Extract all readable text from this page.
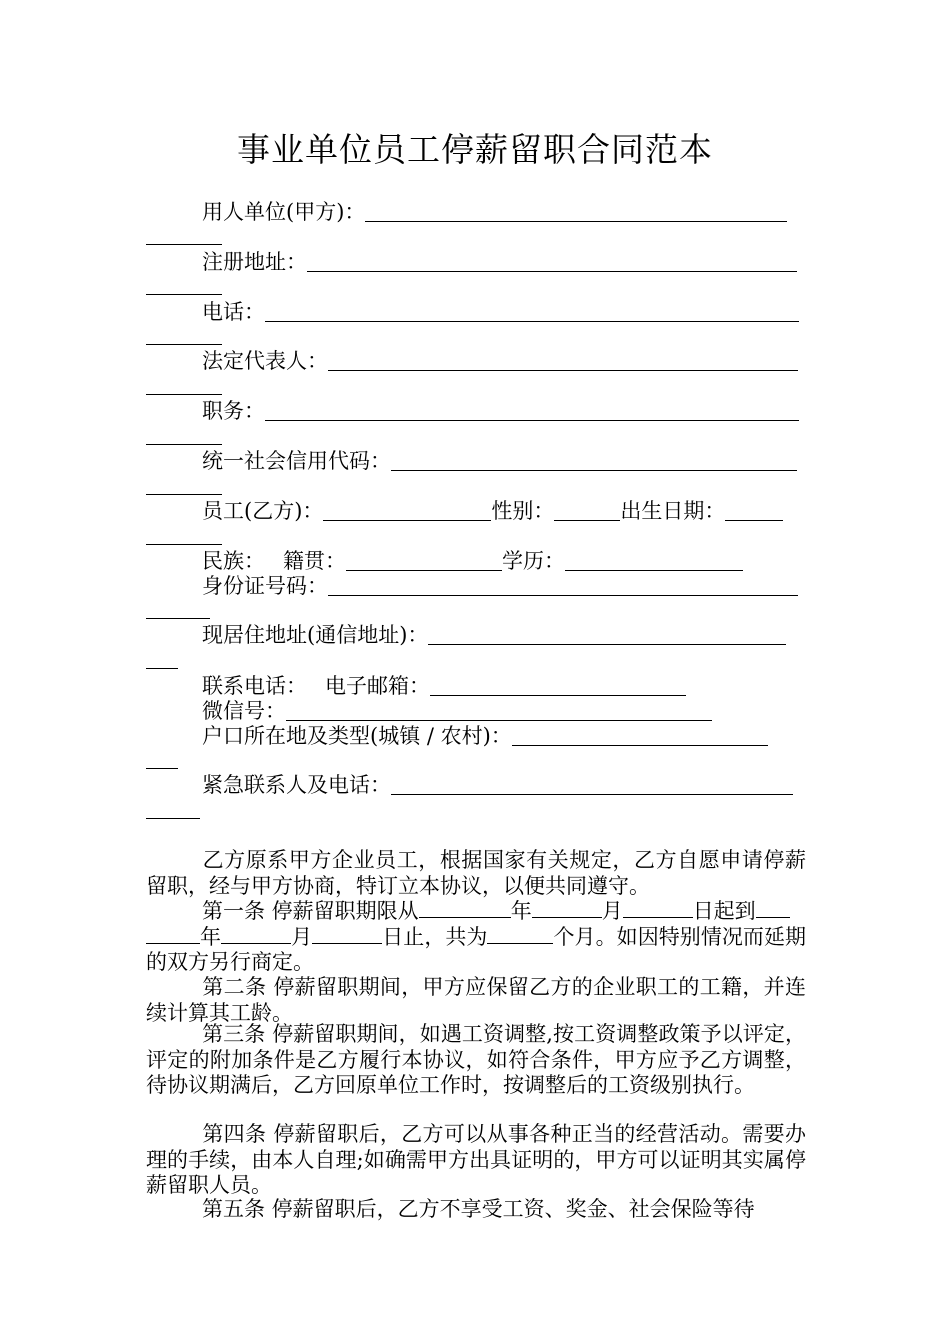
事业单位员工停薪留职合同范本
用人单位(甲方)：
注册地址：
电话：
法定代表人：
职务：
统一社会信用代码：
员工(乙方)：	性别：	出生日期：
民族： 籍贯：	学历：
身份证号码：
现居住地址(通信地址)：
联系电话： 电子邮箱：
微信号：
户口所在地及类型(城镇 / 农村)：
紧急联系人及电话：
乙方原系甲方企业员工，根据国家有关规定，乙方自愿申请停薪留职，经与甲方协商，特订立本协议，以便共同遵守。
第一条 停薪留职期限从	年	月	日起到
年	月	日止，共为	个月。如因特别情况而延期的双方另行商定。
第二条 停薪留职期间，甲方应保留乙方的企业职工的工籍，并连续计算其工龄。
第三条 停薪留职期间，如遇工资调整,按工资调整政策予以评定，评定的附加条件是乙方履行本协议，如符合条件，甲方应予乙方调整，待协议期满后，乙方回原单位工作时，按调整后的工资级别执行。
第四条 停薪留职后，乙方可以从事各种正当的经营活动。需要办理的手续，由本人自理;如确需甲方出具证明的，甲方可以证明其实属停薪留职人员。
第五条 停薪留职后，乙方不享受工资、奖金、社会保险等待
